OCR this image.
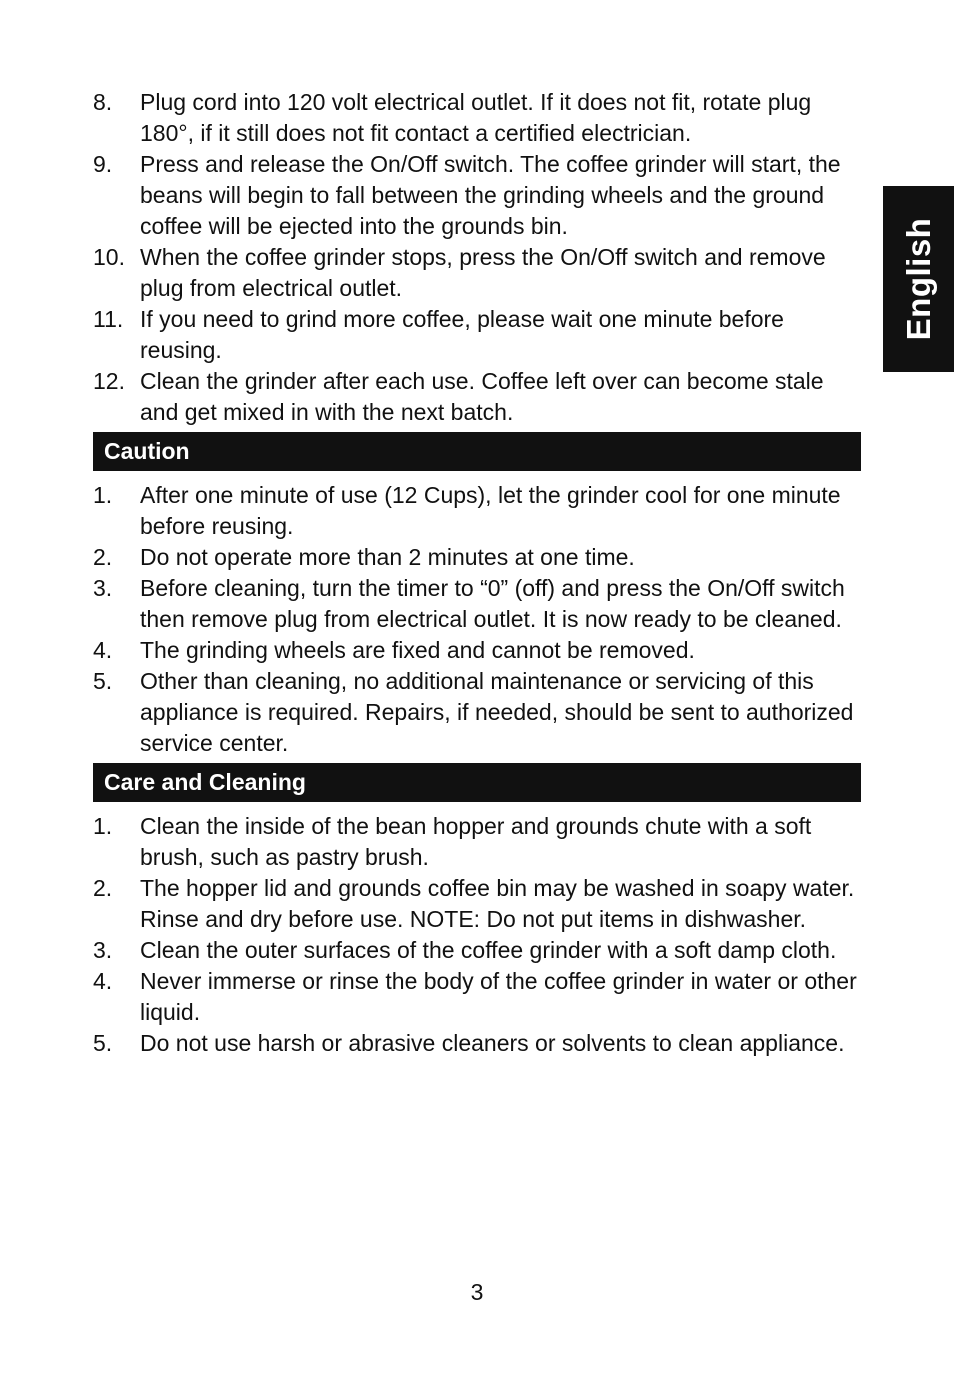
English
8. Plug cord into 120 volt electrical outlet. If it does not fit, rotate plug 180°, if it still does not fit contact a certified electrician.
9. Press and release the On/Off switch. The coffee grinder will start, the beans will begin to fall between the grinding wheels and the ground coffee will be ejected into the grounds bin.
10. When the coffee grinder stops, press the On/Off switch and remove plug from electrical outlet.
11. If you need to grind more coffee, please wait one minute before reusing.
12. Clean the grinder after each use. Coffee left over can become stale and get mixed in with the next batch.
Caution
1. After one minute of use (12 Cups), let the grinder cool for one minute before reusing.
2. Do not operate more than 2 minutes at one time.
3. Before cleaning, turn the timer to “0” (off) and press the On/Off switch then remove plug from electrical outlet. It is now ready to be cleaned.
4. The grinding wheels are fixed and cannot be removed.
5. Other than cleaning, no additional maintenance or servicing of this appliance is required. Repairs, if needed, should be sent to authorized service center.
Care and Cleaning
1. Clean the inside of the bean hopper and grounds chute with a soft brush, such as pastry brush.
2. The hopper lid and grounds coffee bin may be washed in soapy water. Rinse and dry before use. NOTE: Do not put items in dishwasher.
3. Clean the outer surfaces of the coffee grinder with a soft damp cloth.
4. Never immerse or rinse the body of the coffee grinder in water or other liquid.
5. Do not use harsh or abrasive cleaners or solvents to clean appliance.
3
